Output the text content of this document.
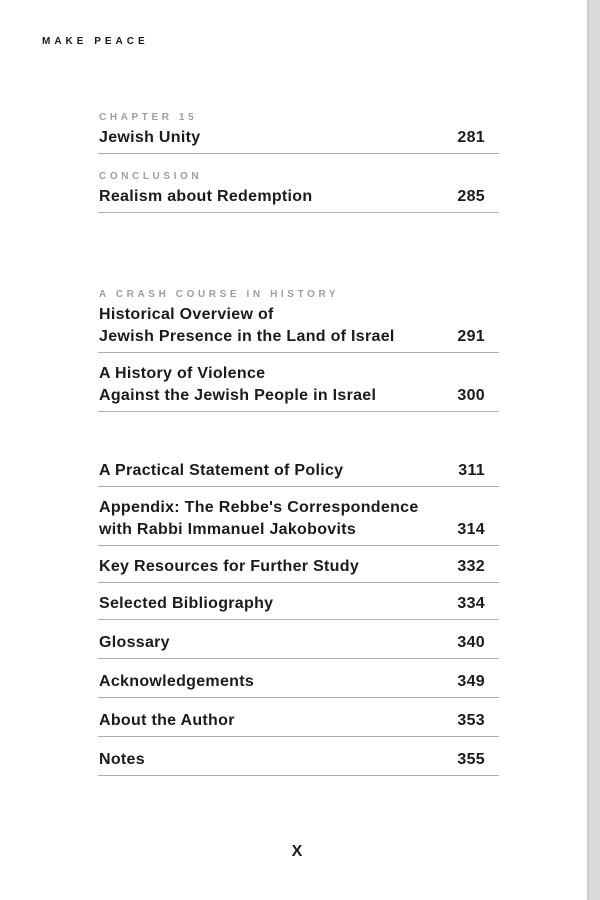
MAKE PEACE
CHAPTER 15
Jewish Unity	281
CONCLUSION
Realism about Redemption	285
A CRASH COURSE IN HISTORY
Historical Overview of
Jewish Presence in the Land of Israel	291
A History of Violence
Against the Jewish People in Israel	300
A Practical Statement of Policy	311
Appendix: The Rebbe's Correspondence
with Rabbi Immanuel Jakobovits	314
Key Resources for Further Study	332
Selected Bibliography	334
Glossary	340
Acknowledgements	349
About the Author	353
Notes	355
X
